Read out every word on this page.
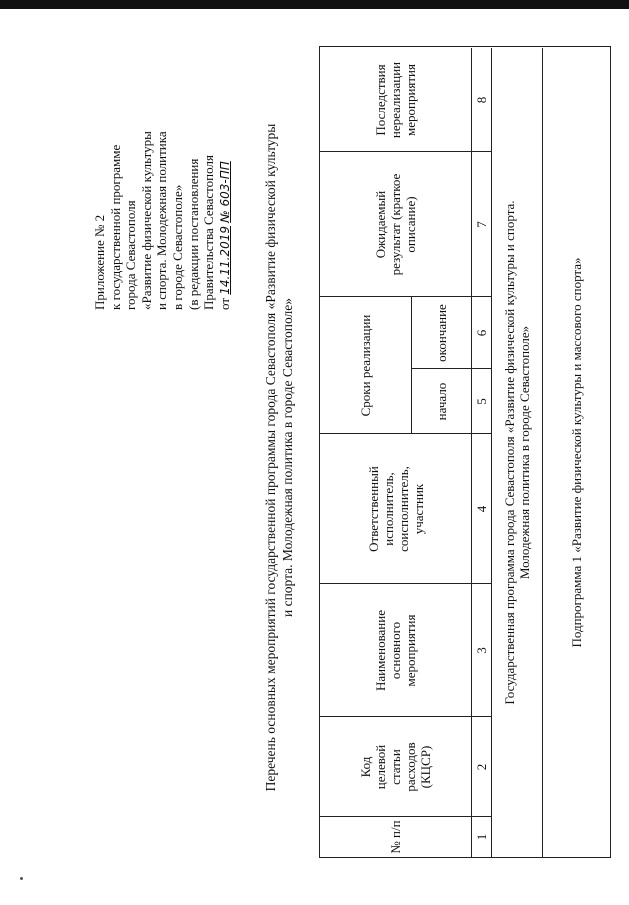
Приложение № 2 к государственной программе города Севастополя «Развитие физической культуры и спорта. Молодежная политика в городе Севастополе» (в редакции постановления Правительства Севастополя от 14.11.2019 № 603-ПП Перечень основных мероприятий государственной программы города Севастополя «Развитие физической культуры и спорта. Молодежная политика в городе Севастополе»
№ п/п
Код целевой статьи расходов (КЦСР)
Наименование основного мероприятия
Ответственный исполнитель, соисполнитель, участник
Сроки реализации	начало
окончание
Ожидаемый результат (краткое описание)
Последствия нереализации мероприятия
1
2
3
4
5
6
7
8
Государственная программа города Севастополя «Развитие физической культуры и спорта. Молодежная политика в городе Севастополе»	Подпрограмма 1 «Развитие физической культуры и массового спорта»
